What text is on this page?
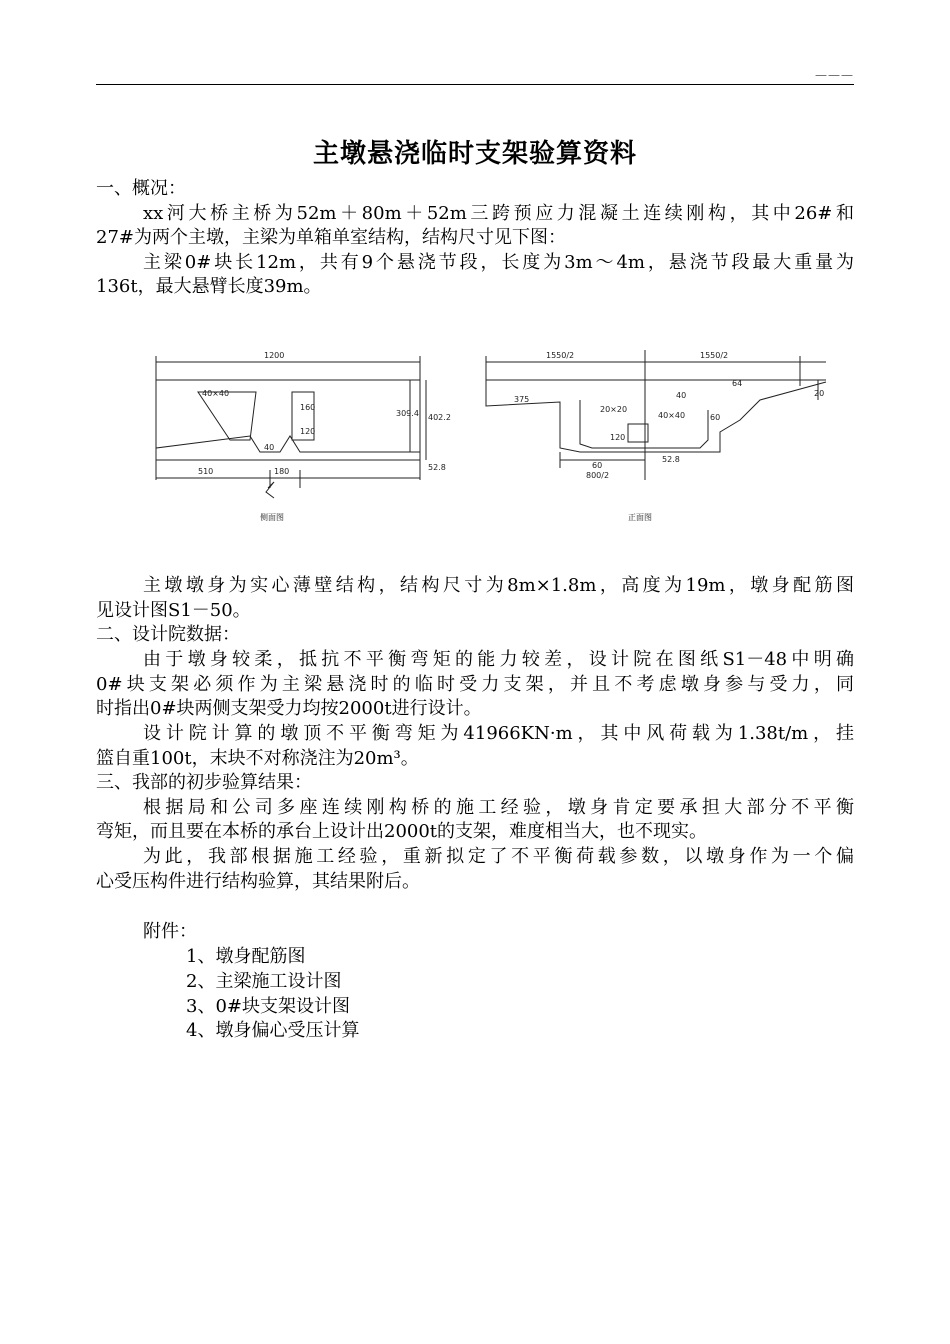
———
主墩悬浇临时支架验算资料
一、概况：
xx河大桥主桥为52m＋80m＋52m三跨预应力混凝土连续刚构，其中26#和
27#为两个主墩，主梁为单箱单室结构，结构尺寸见下图：
主梁0#块长12m，共有9个悬浇节段，长度为3m～4m，悬浇节段最大重量为
136t，最大悬臂长度39m。
1200
40×40
160
120
309.4 402.2
52.8
510	180
40
侧面图
1550/2	1550/2
375
20×20
40×40
120
40
64
20
60
60
52.8
800/2
正面图
主墩墩身为实心薄壁结构，结构尺寸为8m×1.8m，高度为19m，墩身配筋图
见设计图S1－50。
二、设计院数据：
由于墩身较柔，抵抗不平衡弯矩的能力较差，设计院在图纸S1－48中明确
0#块支架必须作为主梁悬浇时的临时受力支架，并且不考虑墩身参与受力，同
时指出0#块两侧支架受力均按2000t进行设计。
设计院计算的墩顶不平衡弯矩为41966KN·m，其中风荷载为1.38t/m，挂
篮自重100t，末块不对称浇注为20m³。
三、我部的初步验算结果：
根据局和公司多座连续刚构桥的施工经验，墩身肯定要承担大部分不平衡
弯矩，而且要在本桥的承台上设计出2000t的支架，难度相当大，也不现实。
为此，我部根据施工经验，重新拟定了不平衡荷载参数，以墩身作为一个偏
心受压构件进行结构验算，其结果附后。
附件：
1、墩身配筋图
2、主梁施工设计图
3、0#块支架设计图
4、墩身偏心受压计算
